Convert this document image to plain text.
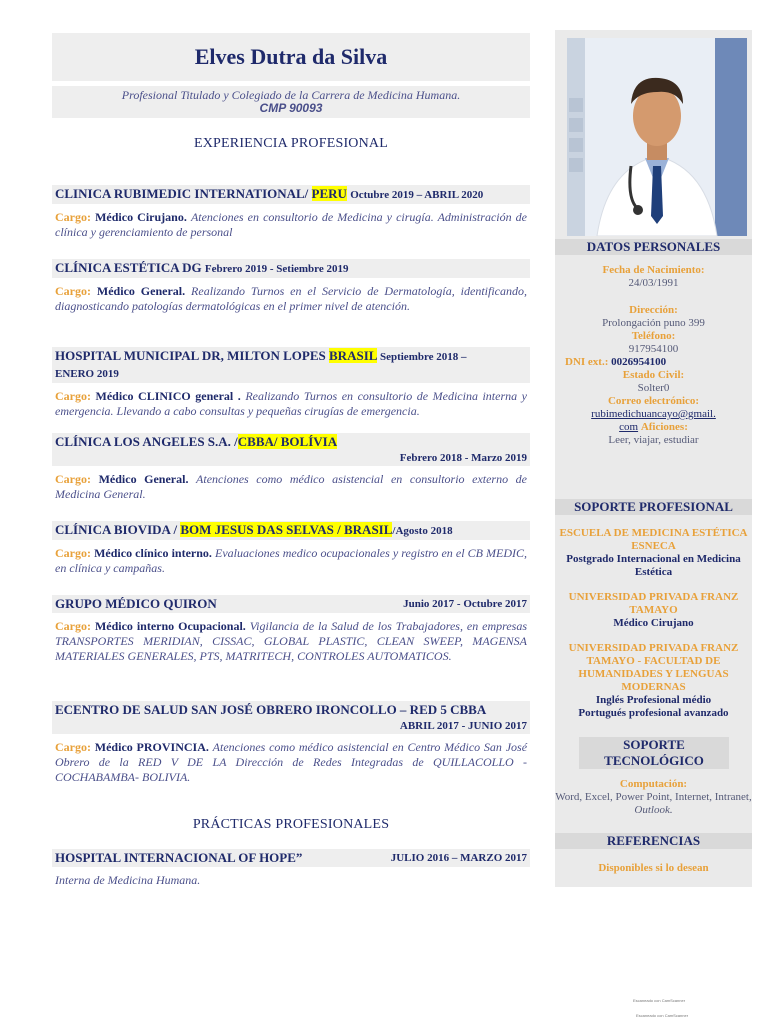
Elves Dutra da Silva
Profesional Titulado y Colegiado de la Carrera de Medicina Humana.
CMP 90093
EXPERIENCIA PROFESIONAL
CLINICA RUBIMEDIC INTERNATIONAL/ PERU Octubre 2019 – ABRIL 2020
Cargo: Médico Cirujano. Atenciones en consultorio de Medicina y cirugía. Administración de clínica y gerenciamiento de personal
CLÍNICA ESTÉTICA DG Febrero 2019 - Setiembre 2019
Cargo: Médico General. Realizando Turnos en el Servicio de Dermatología, identificando, diagnosticando patologías dermatológicas en el primer nivel de atención.
HOSPITAL MUNICIPAL DR, MILTON LOPES BRASIL Septiembre 2018 –
ENERO 2019
Cargo: Médico CLINICO general . Realizando Turnos en consultorio de Medicina interna y emergencia. Llevando a cabo consultas y pequeñas cirugías de emergencia.
CLÍNICA LOS ANGELES S.A. /CBBA/ BOLÍVIA
Febrero 2018 - Marzo 2019
Cargo: Médico General. Atenciones como médico asistencial en consultorio externo de Medicina General.
CLÍNICA BIOVIDA / BOM JESUS DAS SELVAS / BRASIL/Agosto 2018
Cargo: Médico clínico interno. Evaluaciones medico ocupacionales y registro en el CB MEDIC, en clínica y campañas.
GRUPO MÉDICO QUIRON	Junio 2017 - Octubre 2017
Cargo: Médico interno Ocupacional. Vigilancia de la Salud de los Trabajadores, en empresas TRANSPORTES MERIDIAN, CISSAC, GLOBAL PLASTIC, CLEAN SWEEP, MAGENSA MATERIALES GENERALES, PTS, MATRITECH, CONTROLES AUTOMATICOS.
ECENTRO DE SALUD SAN JOSÉ OBRERO IRONCOLLO – RED 5 CBBA
ABRIL 2017 - JUNIO 2017
Cargo: Médico PROVINCIA. Atenciones como médico asistencial en Centro Médico San José Obrero de la RED V DE LA Dirección de Redes Integradas de QUILLACOLLO -COCHABAMBA- BOLIVIA.
PRÁCTICAS PROFESIONALES
HOSPITAL INTERNACIONAL OF HOPE”	JULIO 2016 – MARZO 2017
Interna de Medicina Humana.
DATOS PERSONALES
Fecha de Nacimiento:
24/03/1991
Dirección:
Prolongación puno 399
Teléfono:
917954100
DNI ext.: 0026954100
Estado Civil:
Solter0
Correo electrónico:
rubimedichuancayo@gmail.
com Aficiones:
Leer, viajar, estudiar
SOPORTE PROFESIONAL
ESCUELA DE MEDICINA ESTÉTICA ESNECA
Postgrado Internacional en Medicina Estética
UNIVERSIDAD PRIVADA FRANZ TAMAYO
Médico Cirujano
UNIVERSIDAD PRIVADA FRANZ TAMAYO - FACULTAD DE HUMANIDADES Y LENGUAS MODERNAS
Inglés Profesional médio
Portugués profesional avanzado
SOPORTE TECNOLÓGICO
Computación:
Word, Excel, Power Point, Internet, Intranet, Outlook.
REFERENCIAS
Disponibles si lo desean
Escaneado con CamScanner
Escaneado con CamScanner
